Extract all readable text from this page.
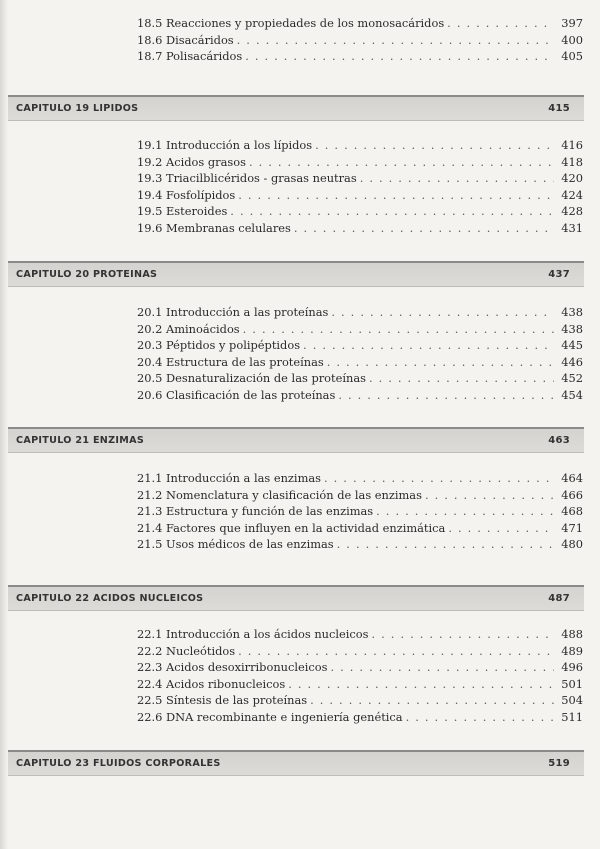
18.5 Reacciones y propiedades de los monosacáridos . . .	397
18.6 Disacáridos . . .	400
18.7 Polisacáridos . . .	405
CAPITULO 19 LIPIDOS	415
19.1 Introducción a los lípidos . . .	416
19.2 Acidos grasos . . .	418
19.3 Triacilblicéridos - grasas neutras . . .	420
19.4 Fosfolípidos . . .	424
19.5 Esteroides . . .	428
19.6 Membranas celulares . . .	431
CAPITULO 20 PROTEINAS	437
20.1 Introducción a las proteínas . . .	438
20.2 Aminoácidos . . .	438
20.3 Péptidos y polipéptidos . . .	445
20.4 Estructura de las proteínas . . .	446
20.5 Desnaturalización de las proteínas . . .	452
20.6 Clasificación de las proteínas . . .	454
CAPITULO 21 ENZIMAS	463
21.1 Introducción a las enzimas . . .	464
21.2 Nomenclatura y clasificación de las enzimas . . .	466
21.3 Estructura y función de las enzimas . . .	468
21.4 Factores que influyen en la actividad enzimática . . .	471
21.5 Usos médicos de las enzimas . . .	480
CAPITULO 22 ACIDOS NUCLEICOS	487
22.1 Introducción a los ácidos nucleicos . . .	488
22.2 Nucleótidos . . .	489
22.3 Acidos desoxirribonucleicos . . .	496
22.4 Acidos ribonucleicos . . .	501
22.5 Síntesis de las proteínas . . .	504
22.6 DNA recombinante e ingeniería genética . . .	511
CAPITULO 23 FLUIDOS CORPORALES	519
